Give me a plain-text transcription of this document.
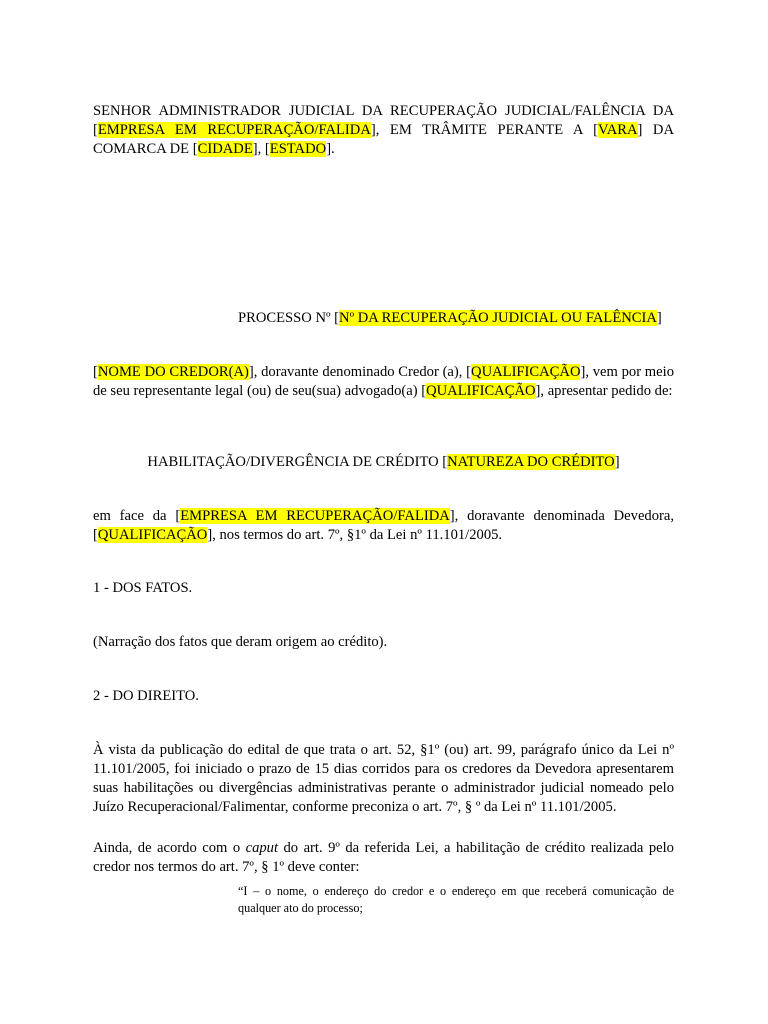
SENHOR ADMINISTRADOR JUDICIAL DA RECUPERAÇÃO JUDICIAL/FALÊNCIA DA [EMPRESA EM RECUPERAÇÃO/FALIDA], EM TRÂMITE PERANTE A [VARA] DA COMARCA DE [CIDADE], [ESTADO].
PROCESSO Nº [Nº DA RECUPERAÇÃO JUDICIAL OU FALÊNCIA]
[NOME DO CREDOR(A)], doravante denominado Credor (a), [QUALIFICAÇÃO], vem por meio de seu representante legal (ou) de seu(sua) advogado(a) [QUALIFICAÇÃO], apresentar pedido de:
HABILITAÇÃO/DIVERGÊNCIA DE CRÉDITO [NATUREZA DO CRÉDITO]
em face da [EMPRESA EM RECUPERAÇÃO/FALIDA], doravante denominada Devedora, [QUALIFICAÇÃO], nos termos do art. 7º, §1º da Lei nº 11.101/2005.
1 - DOS FATOS.
(Narração dos fatos que deram origem ao crédito).
2 - DO DIREITO.
À vista da publicação do edital de que trata o art. 52, §1º (ou) art. 99, parágrafo único da Lei nº 11.101/2005, foi iniciado o prazo de 15 dias corridos para os credores da Devedora apresentarem suas habilitações ou divergências administrativas perante o administrador judicial nomeado pelo Juízo Recuperacional/Falimentar, conforme preconiza o art. 7º, § º da Lei nº 11.101/2005.
Ainda, de acordo com o caput do art. 9º da referida Lei, a habilitação de crédito realizada pelo credor nos termos do art. 7º, § 1º deve conter:
“I – o nome, o endereço do credor e o endereço em que receberá comunicação de qualquer ato do processo;
